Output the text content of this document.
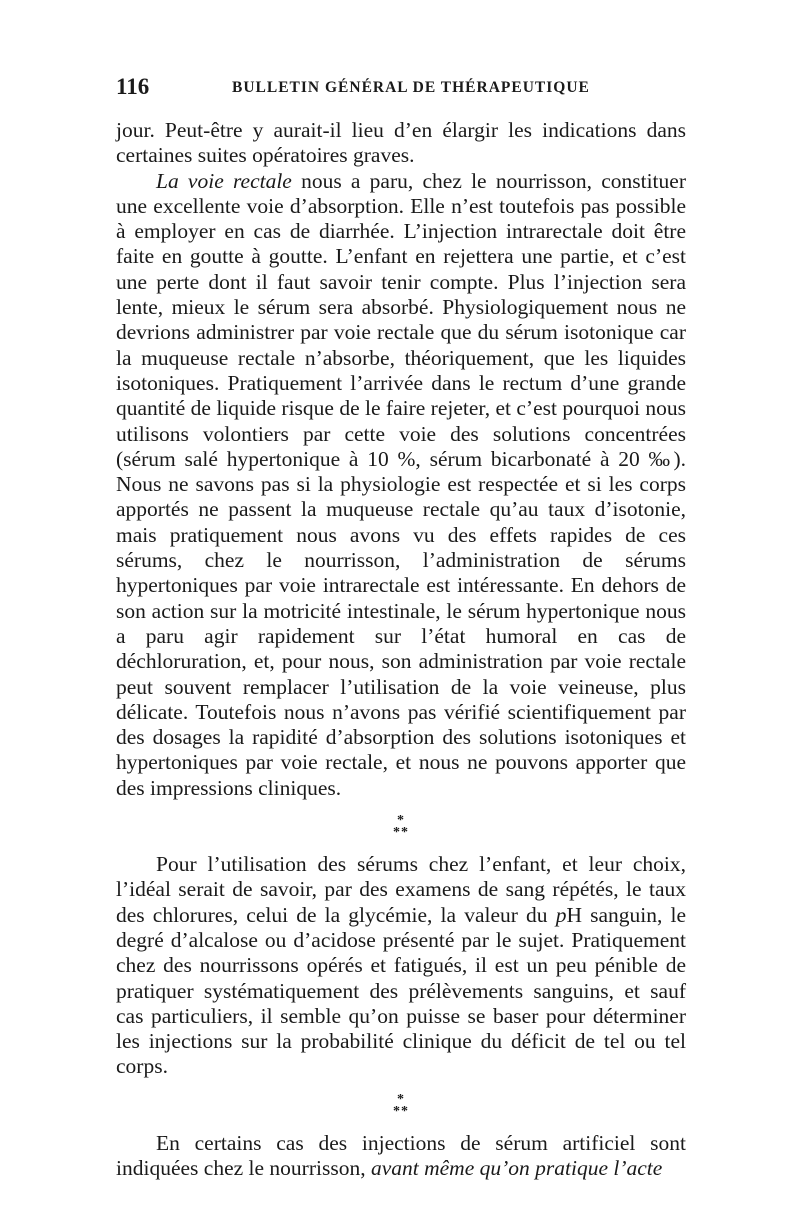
116	BULLETIN GÉNÉRAL DE THÉRAPEUTIQUE

jour. Peut-être y aurait-il lieu d’en élargir les indications dans certaines suites opératoires graves.

La voie rectale nous a paru, chez le nourrisson, constituer une excellente voie d’absorption. Elle n’est toutefois pas possible à employer en cas de diarrhée. L’injection intrarectale doit être faite en goutte à goutte. L’enfant en rejettera une partie, et c’est une perte dont il faut savoir tenir compte. Plus l’injection sera lente, mieux le sérum sera absorbé. Physiologiquement nous ne devrions administrer par voie rectale que du sérum isotonique car la muqueuse rectale n’absorbe, théoriquement, que les liquides isotoniques. Pratiquement l’arrivée dans le rectum d’une grande quantité de liquide risque de le faire rejeter, et c’est pourquoi nous utilisons volontiers par cette voie des solutions concentrées (sérum salé hypertonique à 10 %, sérum bicarbonaté à 20 ‰). Nous ne savons pas si la physiologie est respectée et si les corps apportés ne passent la muqueuse rectale qu’au taux d’isotonie, mais pratiquement nous avons vu des effets rapides de ces sérums, chez le nourrisson, l’administration de sérums hypertoniques par voie intrarectale est intéressante. En dehors de son action sur la motricité intestinale, le sérum hypertonique nous a paru agir rapidement sur l’état humoral en cas de déchloruration, et, pour nous, son administration par voie rectale peut souvent remplacer l’utilisation de la voie veineuse, plus délicate. Toutefois nous n’avons pas vérifié scientifiquement par des dosages la rapidité d’absorption des solutions isotoniques et hypertoniques par voie rectale, et nous ne pouvons apporter que des impressions cliniques.

*
**

Pour l’utilisation des sérums chez l’enfant, et leur choix, l’idéal serait de savoir, par des examens de sang répétés, le taux des chlorures, celui de la glycémie, la valeur du pH sanguin, le degré d’alcalose ou d’acidose présenté par le sujet. Pratiquement chez des nourrissons opérés et fatigués, il est un peu pénible de pratiquer systématiquement des prélèvements sanguins, et sauf cas particuliers, il semble qu’on puisse se baser pour déterminer les injections sur la probabilité clinique du déficit de tel ou tel corps.

*
**

En certains cas des injections de sérum artificiel sont indiquées chez le nourrisson, avant même qu’on pratique l’acte
